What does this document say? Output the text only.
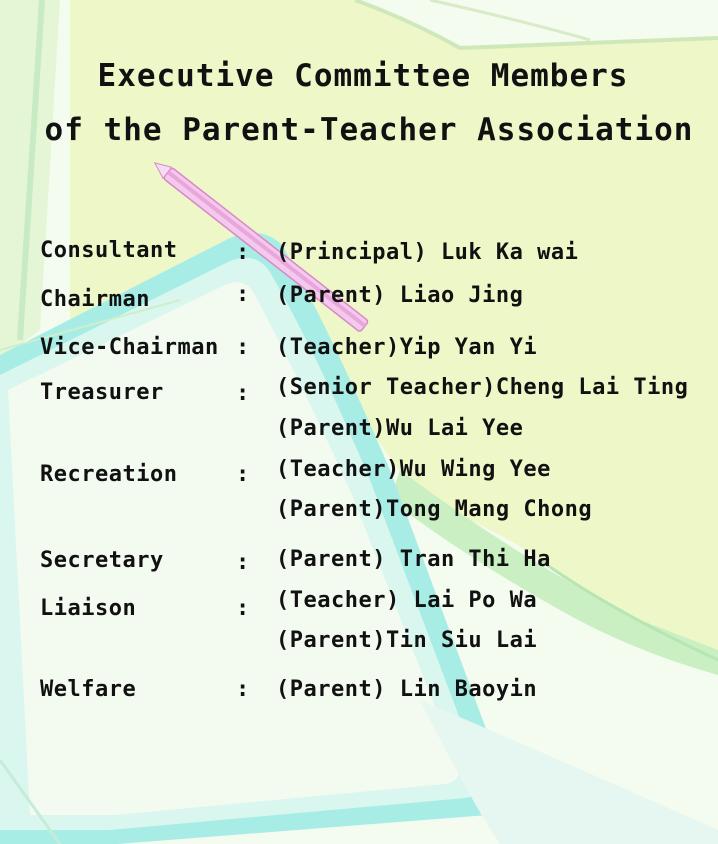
Executive Committee Members
of the Parent-Teacher Association
Consultant	: (Principal) Luk Ka wai
Chairman	: (Parent) Liao Jing
Vice-Chairman : (Teacher)Yip Yan Yi
Treasurer	: (Senior Teacher)Cheng Lai Ting
(Parent)Wu Lai Yee
Recreation	: (Teacher)Wu Wing Yee
(Parent)Tong Mang Chong
Secretary	: (Parent) Tran Thi Ha
Liaison	: (Teacher) Lai Po Wa
(Parent)Tin Siu Lai
Welfare	: (Parent) Lin Baoyin
